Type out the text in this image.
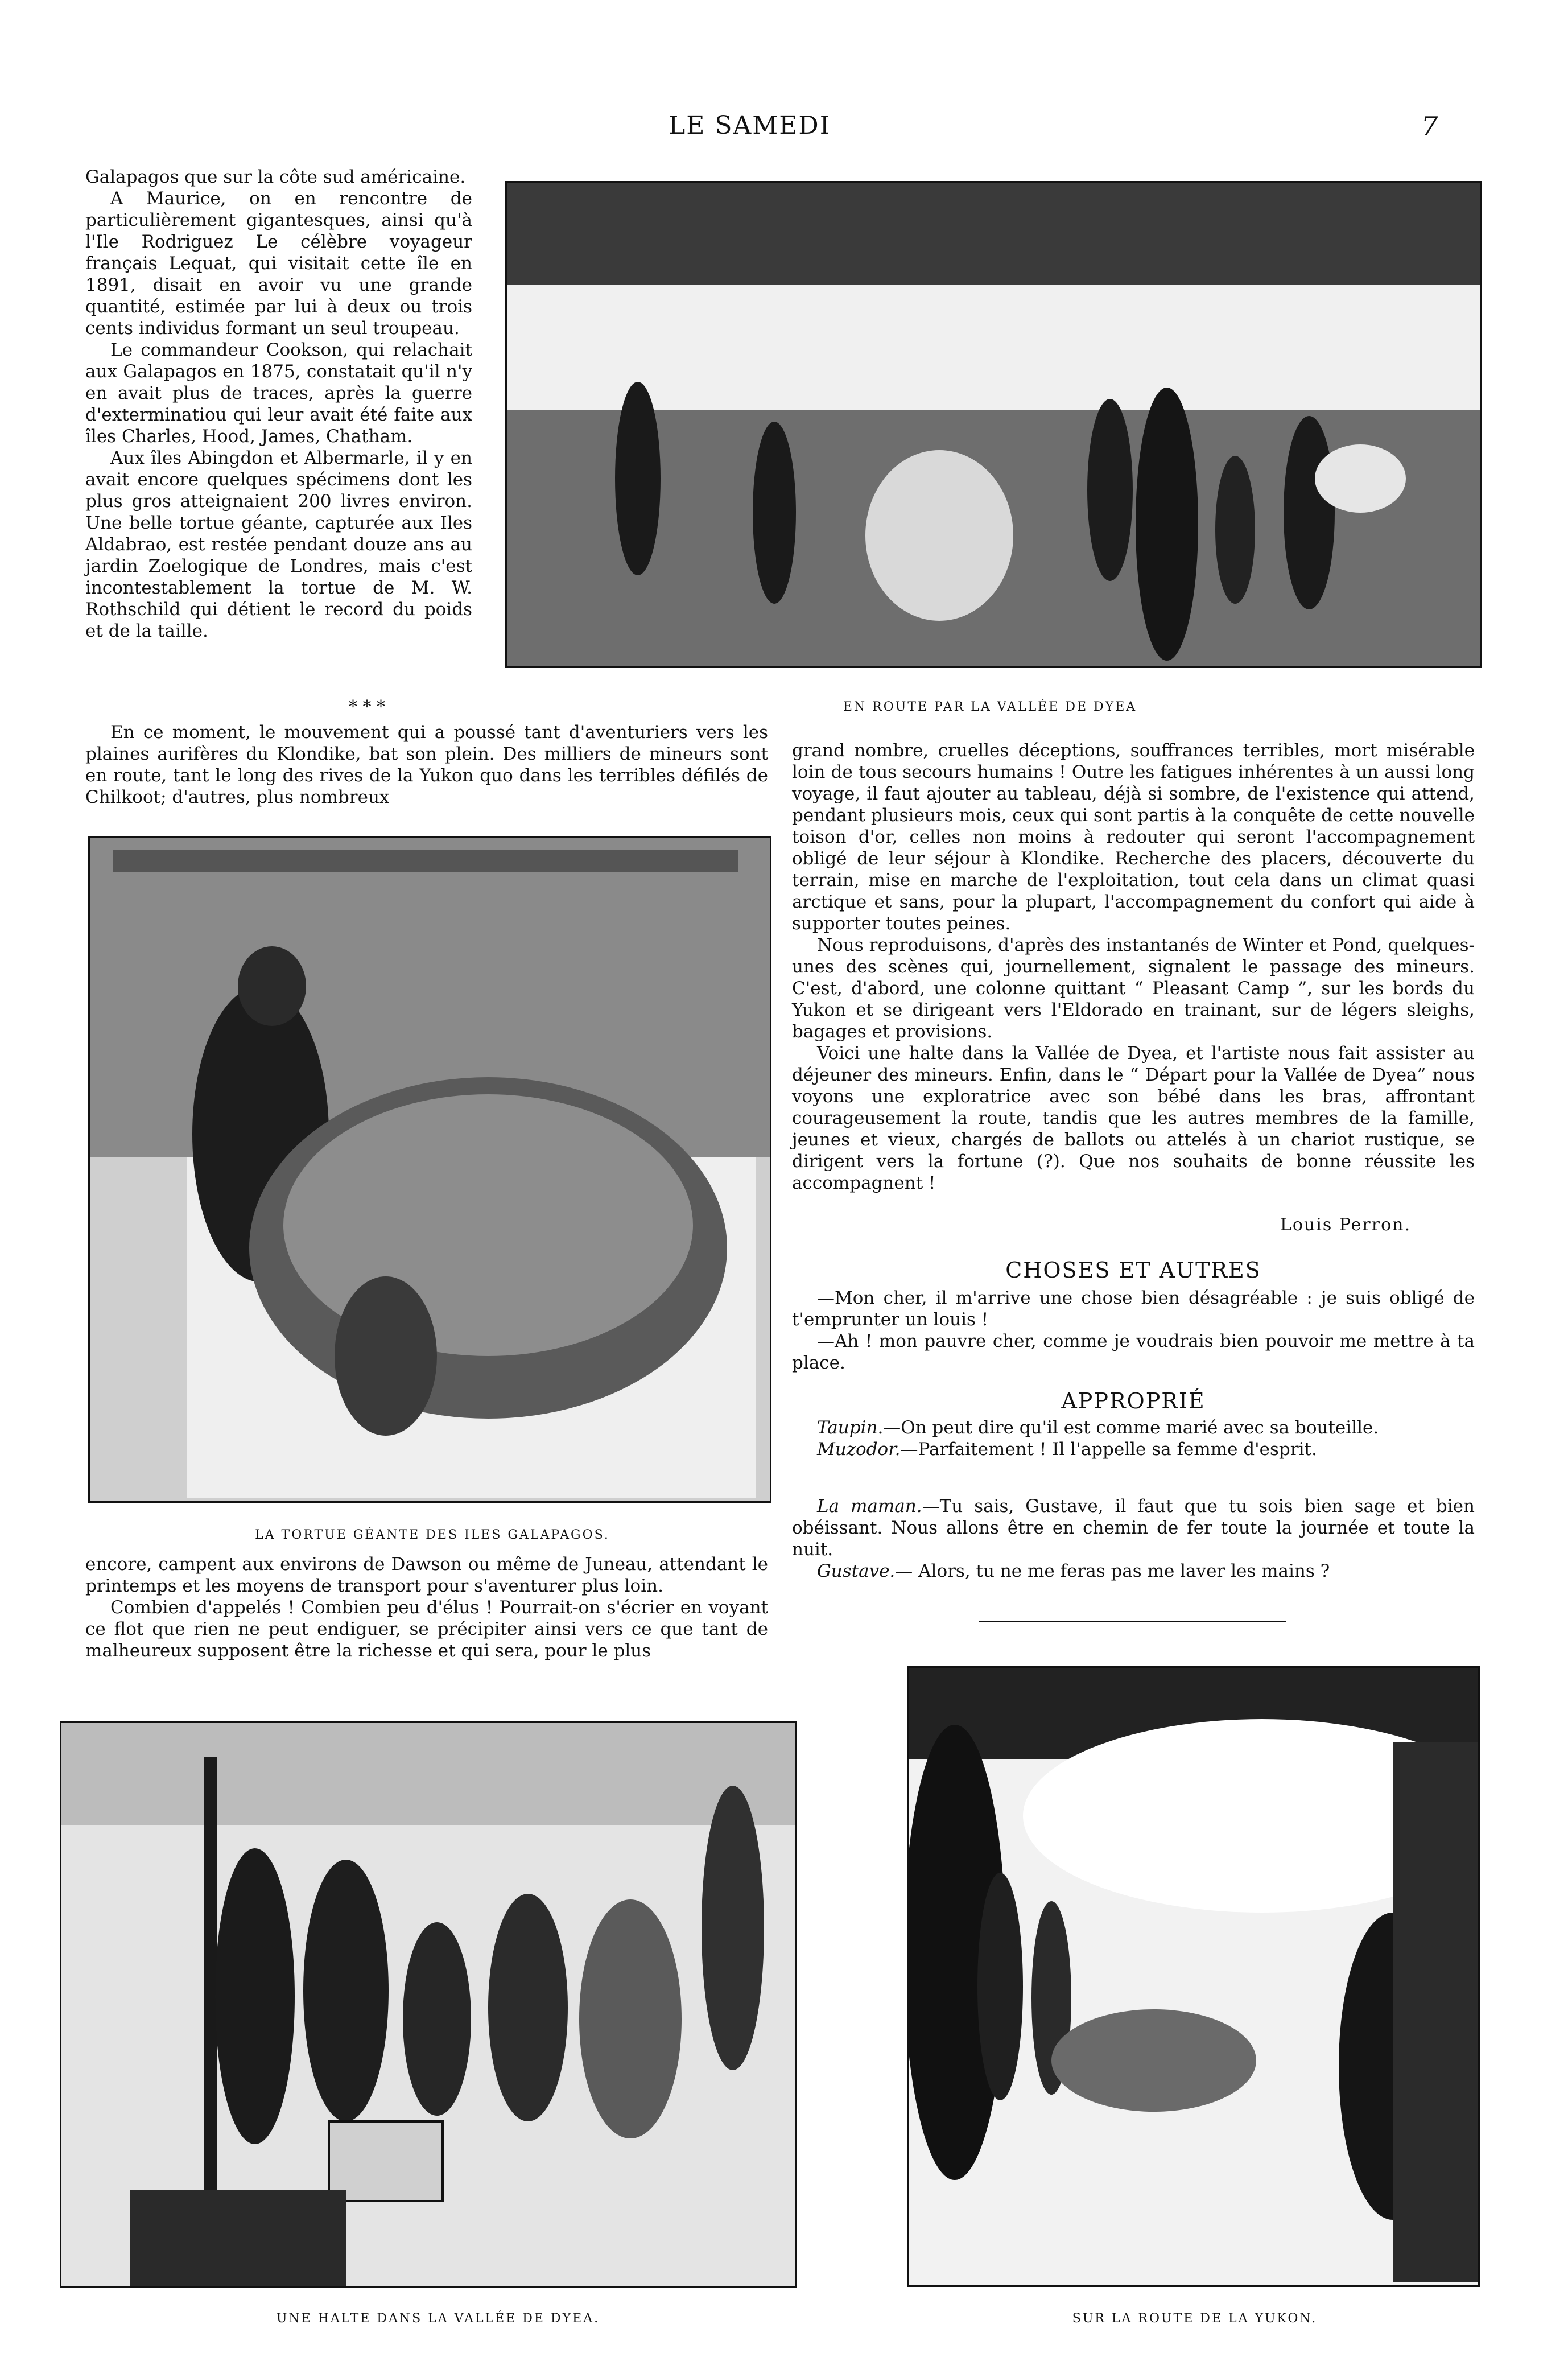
LE SAMEDI	7

Galapagos que sur la côte sud américaine.

A Maurice, on en rencontre de particulièrement gigantesques, ainsi qu'à l'Ile Rodriguez Le célèbre voyageur français Lequat, qui visitait cette île en 1891, disait en avoir vu une grande quantité, estimée par lui à deux ou trois cents individus formant un seul troupeau.

Le commandeur Cookson, qui relachait aux Galapagos en 1875, constatait qu'il n'y en avait plus de traces, après la guerre d'exterminatiou qui leur avait été faite aux îles Charles, Hood, James, Chatham.

Aux îles Abingdon et Albermarle, il y en avait encore quelques spécimens dont les plus gros atteignaient 200 livres environ. Une belle tortue géante, capturée aux Iles Aldabrao, est restée pendant douze ans au jardin Zoelogique de Londres, mais c'est incontestablement la tortue de M. W. Rothschild qui détient le record du poids et de la taille.

EN ROUTE PAR LA VALLÉE DE DYEA
* * *

En ce moment, le mouvement qui a poussé tant d'aventuriers vers les plaines aurifères du Klondike, bat son plein. Des milliers de mineurs sont en route, tant le long des rives de la Yukon quo dans les terribles défilés de Chilkoot; d'autres, plus nombreux

LA TORTUE GÉANTE DES ILES GALAPAGOS.

encore, campent aux environs de Dawson ou même de Juneau, attendant le printemps et les moyens de transport pour s'aventurer plus loin.

Combien d'appelés ! Combien peu d'élus ! Pourrait-on s'écrier en voyant ce flot que rien ne peut endiguer, se précipiter ainsi vers ce que tant de malheureux supposent être la richesse et qui sera, pour le plus

grand nombre, cruelles déceptions, souffrances terribles, mort misérable loin de tous secours humains ! Outre les fatigues inhérentes à un aussi long voyage, il faut ajouter au tableau, déjà si sombre, de l'existence qui attend, pendant plusieurs mois, ceux qui sont partis à la conquête de cette nouvelle toison d'or, celles non moins à redouter qui seront l'accompagnement obligé de leur séjour à Klondike. Recherche des placers, découverte du terrain, mise en marche de l'exploitation, tout cela dans un climat quasi arctique et sans, pour la plupart, l'accompagnement du confort qui aide à supporter toutes peines.

Nous reproduisons, d'après des instantanés de Winter et Pond, quelques-unes des scènes qui, journellement, signalent le passage des mineurs. C'est, d'abord, une colonne quittant “ Pleasant Camp ”, sur les bords du Yukon et se dirigeant vers l'Eldorado en trainant, sur de légers sleighs, bagages et provisions.

Voici une halte dans la Vallée de Dyea, et l'artiste nous fait assister au déjeuner des mineurs. Enfin, dans le “ Départ pour la Vallée de Dyea” nous voyons une exploratrice avec son bébé dans les bras, affrontant courageusement la route, tandis que les autres membres de la famille, jeunes et vieux, chargés de ballots ou attelés à un chariot rustique, se dirigent vers la fortune (?). Que nos souhaits de bonne réussite les accompagnent !

Louis Perron.
CHOSES ET AUTRES

—Mon cher, il m'arrive une chose bien désagréable : je suis obligé de t'emprunter un louis !

—Ah ! mon pauvre cher, comme je voudrais bien pouvoir me mettre à ta place.

APPROPRIÉ

Taupin.—On peut dire qu'il est comme marié avec sa bouteille.

Muzodor.—Parfaitement ! Il l'appelle sa femme d'esprit.

La maman.—Tu sais, Gustave, il faut que tu sois bien sage et bien obéissant. Nous allons être en chemin de fer toute la journée et toute la nuit.

Gustave.— Alors, tu ne me feras pas me laver les mains ?

UNE HALTE DANS LA VALLÉE DE DYEA.	SUR LA ROUTE DE LA YUKON.
